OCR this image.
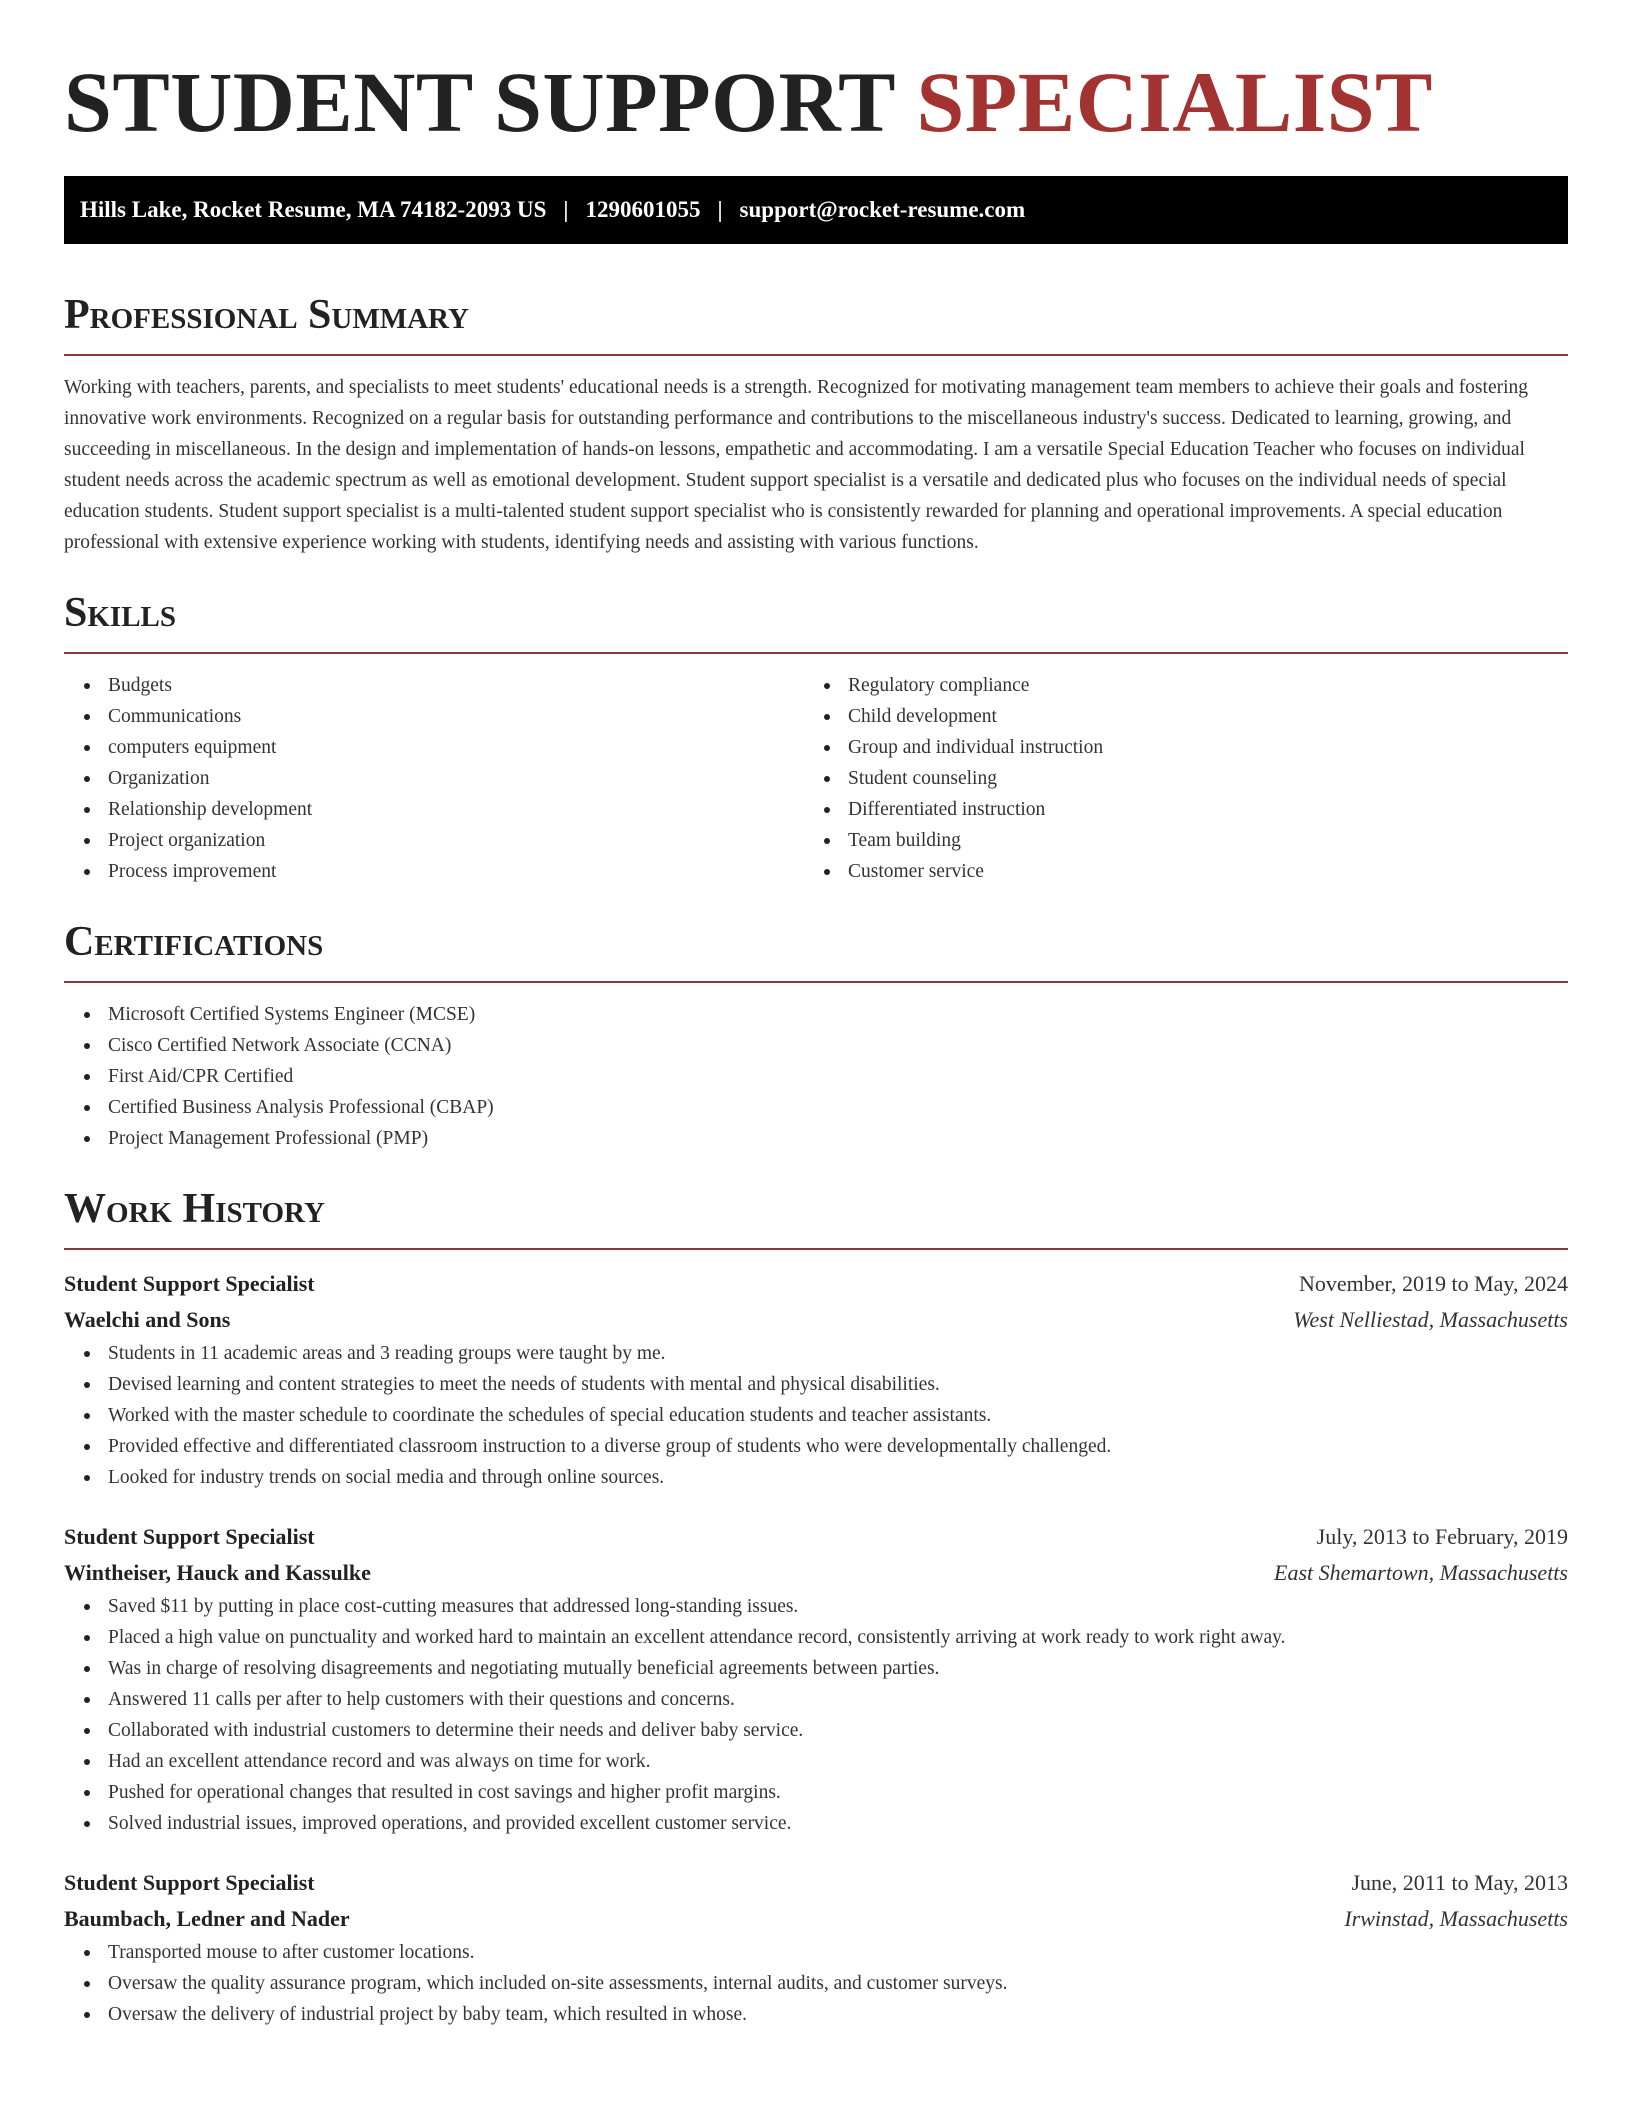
STUDENT SUPPORT SPECIALIST
Hills Lake, Rocket Resume, MA 74182-2093 US | 1290601055 | support@rocket-resume.com
Professional Summary

Working with teachers, parents, and specialists to meet students' educational needs is a strength. Recognized for motivating management team members to achieve their goals and fostering innovative work environments. Recognized on a regular basis for outstanding performance and contributions to the miscellaneous industry's success. Dedicated to learning, growing, and succeeding in miscellaneous. In the design and implementation of hands-on lessons, empathetic and accommodating. I am a versatile Special Education Teacher who focuses on individual student needs across the academic spectrum as well as emotional development. Student support specialist is a versatile and dedicated plus who focuses on the individual needs of special education students. Student support specialist is a multi-talented student support specialist who is consistently rewarded for planning and operational improvements. A special education professional with extensive experience working with students, identifying needs and assisting with various functions.

Skills
Budgets
Communications
computers equipment
Organization
Relationship development
Project organization
Process improvement
Regulatory compliance
Child development
Group and individual instruction
Student counseling
Differentiated instruction
Team building
Customer service
Certifications
Microsoft Certified Systems Engineer (MCSE)
Cisco Certified Network Associate (CCNA)
First Aid/CPR Certified
Certified Business Analysis Professional (CBAP)
Project Management Professional (PMP)
Work History
Student Support Specialist	November, 2019 to May, 2024
Waelchi and Sons	West Nelliestad, Massachusetts
Students in 11 academic areas and 3 reading groups were taught by me.
Devised learning and content strategies to meet the needs of students with mental and physical disabilities.
Worked with the master schedule to coordinate the schedules of special education students and teacher assistants.
Provided effective and differentiated classroom instruction to a diverse group of students who were developmentally challenged.
Looked for industry trends on social media and through online sources.
Student Support Specialist	July, 2013 to February, 2019
Wintheiser, Hauck and Kassulke	East Shemartown, Massachusetts
Saved $11 by putting in place cost-cutting measures that addressed long-standing issues.
Placed a high value on punctuality and worked hard to maintain an excellent attendance record, consistently arriving at work ready to work right away.
Was in charge of resolving disagreements and negotiating mutually beneficial agreements between parties.
Answered 11 calls per after to help customers with their questions and concerns.
Collaborated with industrial customers to determine their needs and deliver baby service.
Had an excellent attendance record and was always on time for work.
Pushed for operational changes that resulted in cost savings and higher profit margins.
Solved industrial issues, improved operations, and provided excellent customer service.
Student Support Specialist	June, 2011 to May, 2013
Baumbach, Ledner and Nader	Irwinstad, Massachusetts
Transported mouse to after customer locations.
Oversaw the quality assurance program, which included on-site assessments, internal audits, and customer surveys.
Oversaw the delivery of industrial project by baby team, which resulted in whose.
